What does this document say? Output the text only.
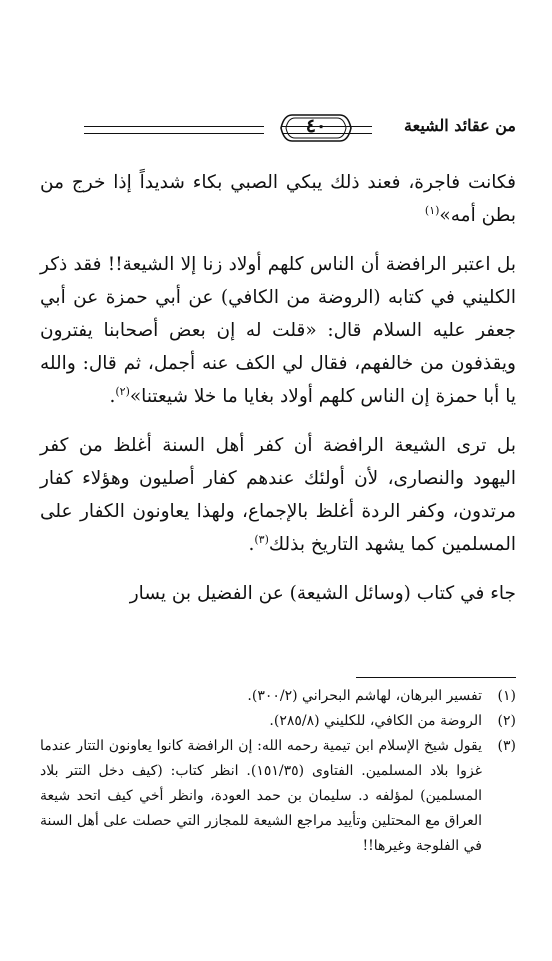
من عقائد الشيعة
٤٠

فكانت فاجرة، فعند ذلك يبكي الصبي بكاء شديداً إذا خرج من بطن أمه»$^{(١)}$

بل اعتبر الرافضة أن الناس كلهم أولاد زنا إلا الشيعة!! فقد ذكر الكليني في كتابه (الروضة من الكافي) عن أبي حمزة عن أبي جعفر عليه السلام قال: «قلت له إن بعض أصحابنا يفترون ويقذفون من خالفهم، فقال لي الكف عنه أجمل، ثم قال: والله يا أبا حمزة إن الناس كلهم أولاد بغايا ما خلا شيعتنا»$^{(٢)}$.

بل ترى الشيعة الرافضة أن كفر أهل السنة أغلظ من كفر اليهود والنصارى، لأن أولئك عندهم كفار أصليون وهؤلاء كفار مرتدون، وكفر الردة أغلظ بالإجماع، ولهذا يعاونون الكفار على المسلمين كما يشهد التاريخ بذلك$^{(٣)}$.

جاء في كتاب (وسائل الشيعة) عن الفضيل بن يسار

(١)
تفسير البرهان، لهاشم البحراني (٣٠٠/٢).
(٢)
الروضة من الكافي، للكليني (٢٨٥/٨).
(٣)
يقول شيخ الإسلام ابن تيمية رحمه الله: إن الرافضة كانوا يعاونون التتار عندما غزوا بلاد المسلمين. الفتاوى (١٥١/٣٥). انظر كتاب: (كيف دخل التتر بلاد المسلمين) لمؤلفه د. سليمان بن حمد العودة، وانظر أخي كيف اتحد شيعة العراق مع المحتلين وتأييد مراجع الشيعة للمجازر التي حصلت على أهل السنة في الفلوجة وغيرها!!
